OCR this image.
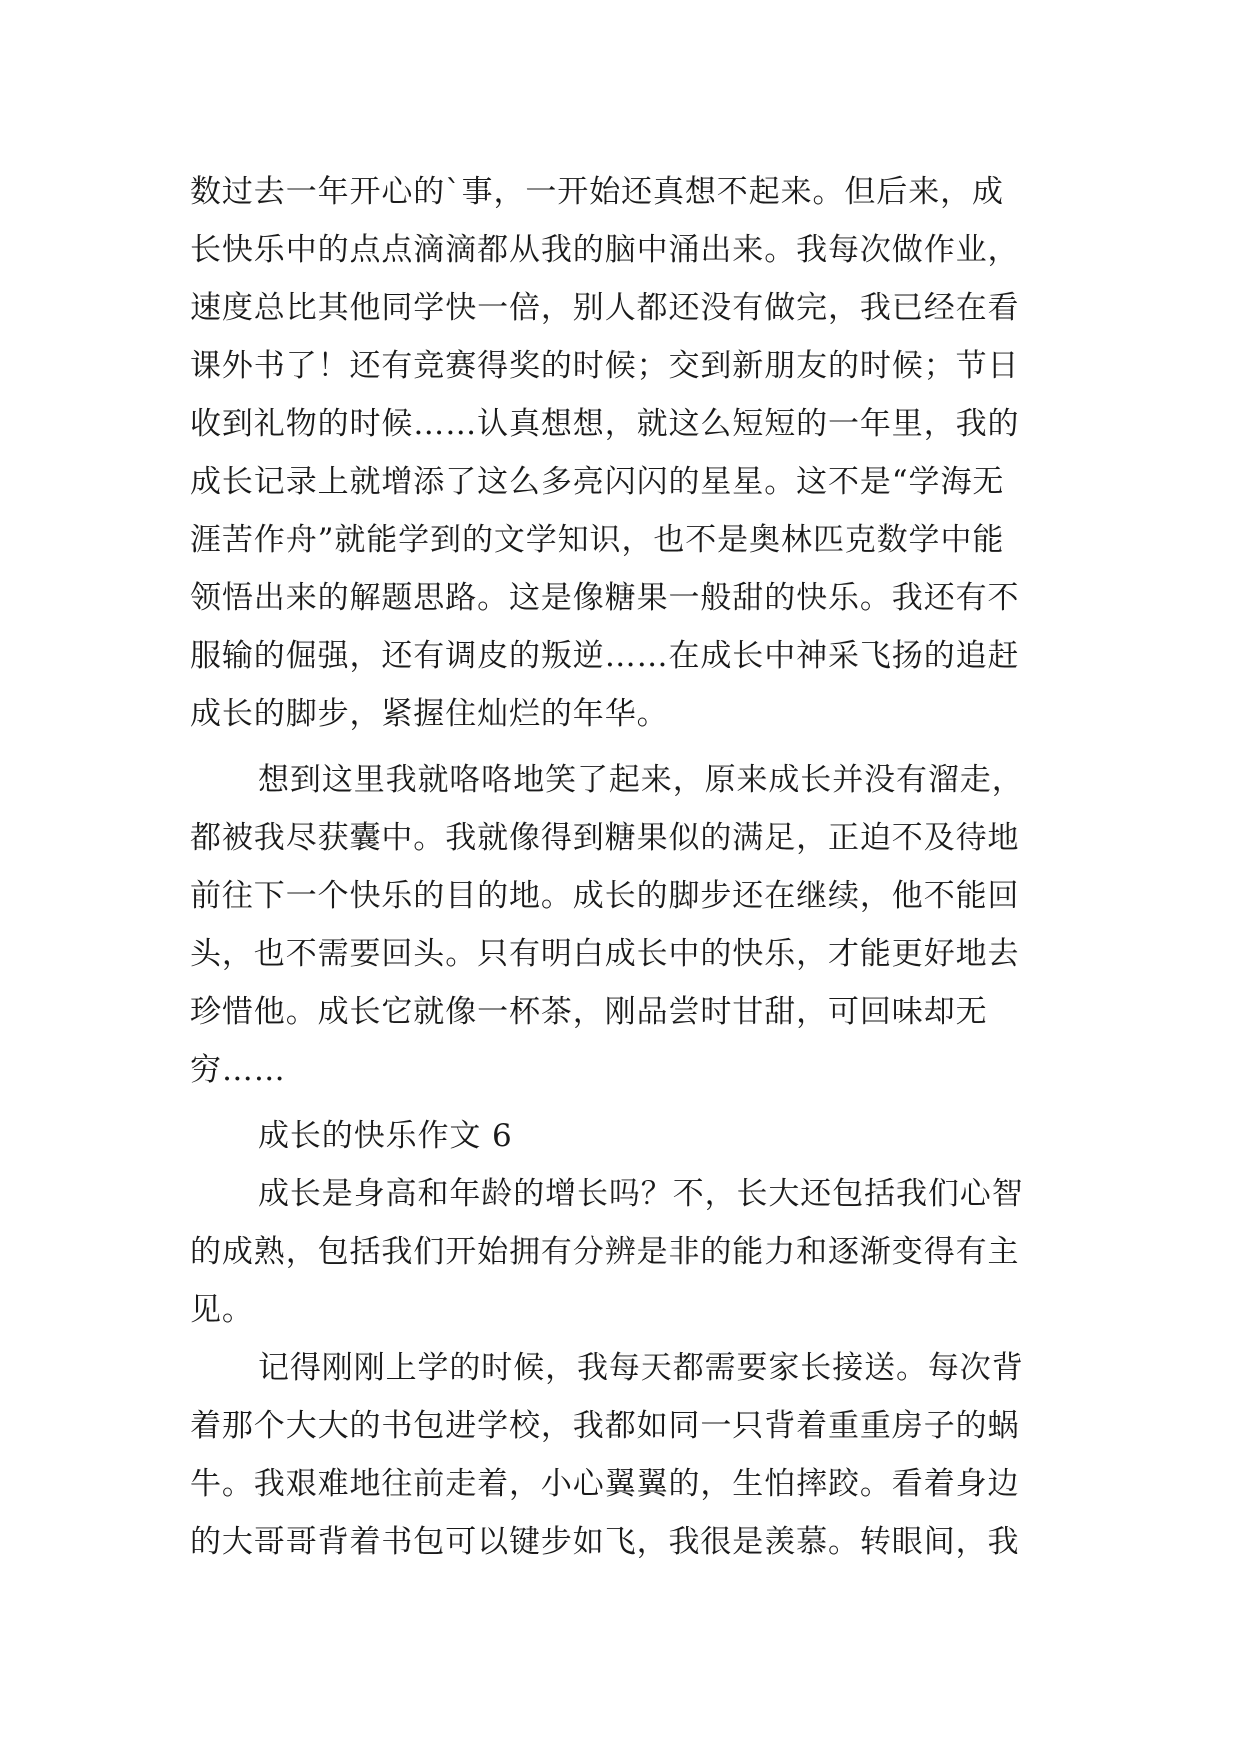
数过去一年开心的`事，一开始还真想不起来。但后来，成
长快乐中的点点滴滴都从我的脑中涌出来。我每次做作业，
速度总比其他同学快一倍，别人都还没有做完，我已经在看
课外书了！还有竞赛得奖的时候；交到新朋友的时候；节日
收到礼物的时候……认真想想，就这么短短的一年里，我的
成长记录上就增添了这么多亮闪闪的星星。这不是“学海无
涯苦作舟”就能学到的文学知识，也不是奥林匹克数学中能
领悟出来的解题思路。这是像糖果一般甜的快乐。我还有不
服输的倔强，还有调皮的叛逆……在成长中神采飞扬的追赶
成长的脚步，紧握住灿烂的年华。
想到这里我就咯咯地笑了起来，原来成长并没有溜走，
都被我尽获囊中。我就像得到糖果似的满足，正迫不及待地
前往下一个快乐的目的地。成长的脚步还在继续，他不能回
头，也不需要回头。只有明白成长中的快乐，才能更好地去
珍惜他。成长它就像一杯茶，刚品尝时甘甜，可回味却无
穷……
成长的快乐作文 6
成长是身高和年龄的增长吗？不，长大还包括我们心智
的成熟，包括我们开始拥有分辨是非的能力和逐渐变得有主
见。
记得刚刚上学的时候，我每天都需要家长接送。每次背
着那个大大的书包进学校，我都如同一只背着重重房子的蜗
牛。我艰难地往前走着，小心翼翼的，生怕摔跤。看着身边
的大哥哥背着书包可以键步如飞，我很是羡慕。转眼间，我
